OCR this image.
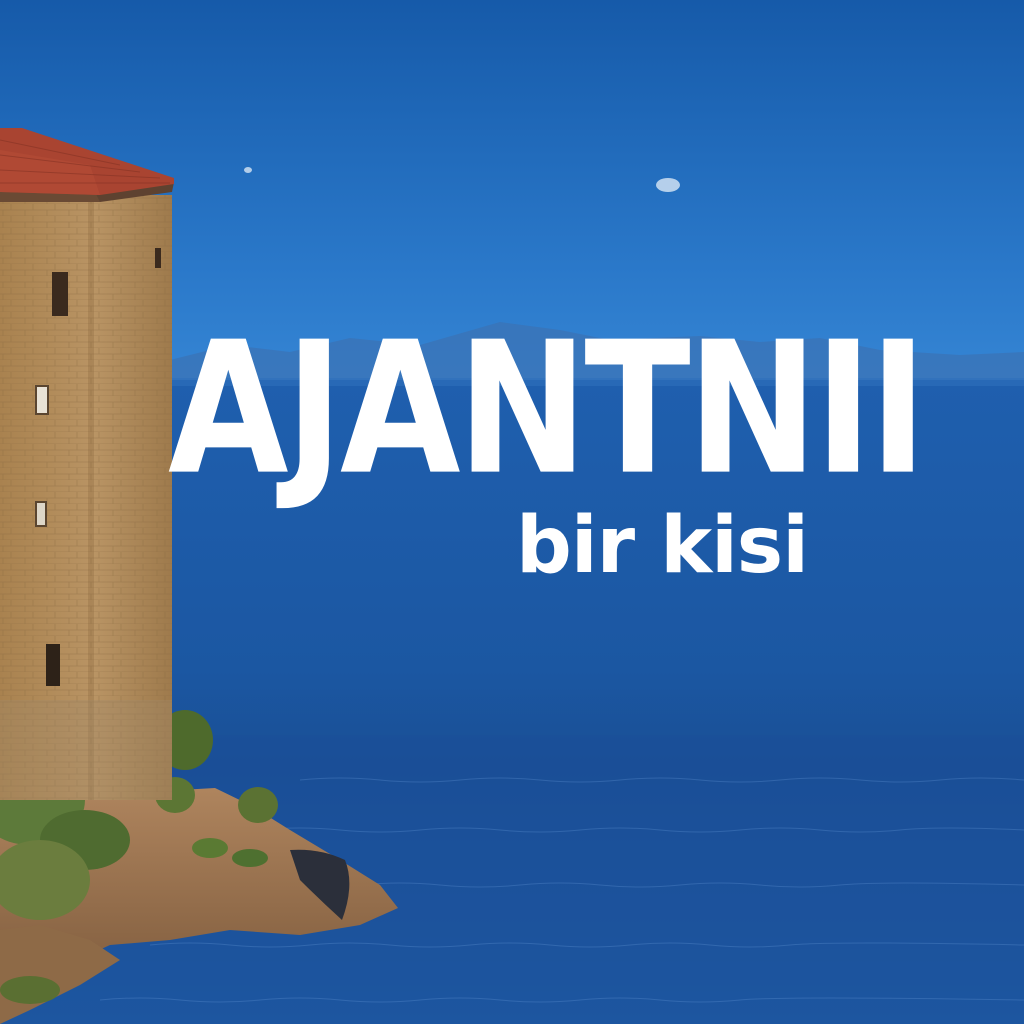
AJANTNII
bir kisi
